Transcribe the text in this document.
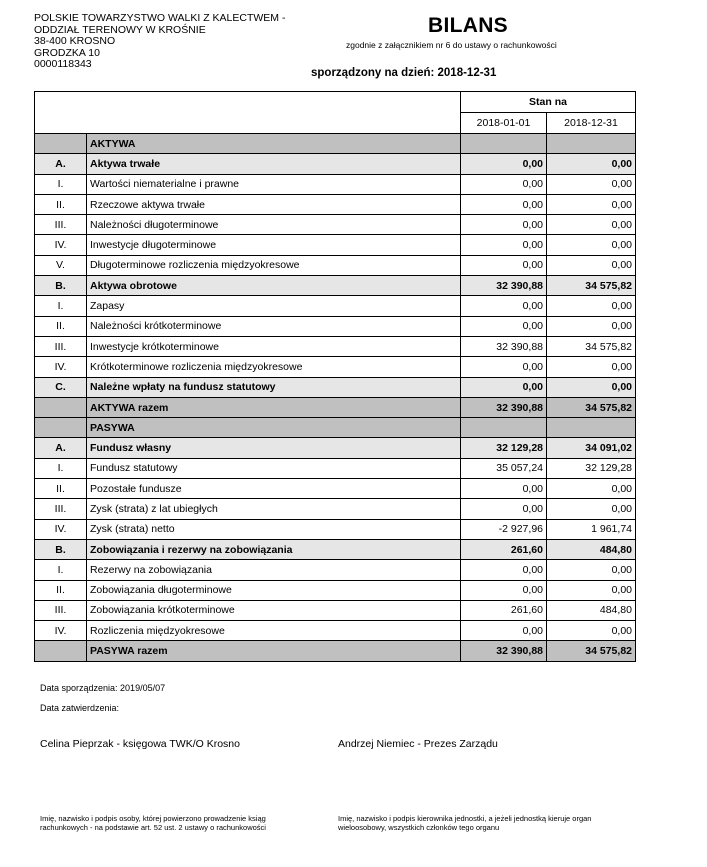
POLSKIE TOWARZYSTWO WALKI Z KALECTWEM -
ODDZIAŁ TERENOWY W KROŚNIE
38-400 KROSNO
GRODZKA 10
0000118343
BILANS
zgodnie z załącznikiem nr 6 do ustawy o rachunkowości
sporządzony na dzień: 2018-12-31
		Stan na	
		2018-01-01	2018-12-31
	AKTYWA		
A.	Aktywa trwałe	0,00	0,00
I.	Wartości niematerialne i prawne	0,00	0,00
II.	Rzeczowe aktywa trwałe	0,00	0,00
III.	Należności długoterminowe	0,00	0,00
IV.	Inwestycje długoterminowe	0,00	0,00
V.	Długoterminowe rozliczenia międzyokresowe	0,00	0,00
B.	Aktywa obrotowe	32 390,88	34 575,82
I.	Zapasy	0,00	0,00
II.	Należności krótkoterminowe	0,00	0,00
III.	Inwestycje krótkoterminowe	32 390,88	34 575,82
IV.	Krótkoterminowe rozliczenia międzyokresowe	0,00	0,00
C.	Należne wpłaty na fundusz statutowy	0,00	0,00
	AKTYWA razem	32 390,88	34 575,82
	PASYWA		
A.	Fundusz własny	32 129,28	34 091,02
I.	Fundusz statutowy	35 057,24	32 129,28
II.	Pozostałe fundusze	0,00	0,00
III.	Zysk (strata) z lat ubiegłych	0,00	0,00
IV.	Zysk (strata) netto	-2 927,96	1 961,74
B.	Zobowiązania i rezerwy na zobowiązania	261,60	484,80
I.	Rezerwy na zobowiązania	0,00	0,00
II.	Zobowiązania długoterminowe	0,00	0,00
III.	Zobowiązania krótkoterminowe	261,60	484,80
IV.	Rozliczenia międzyokresowe	0,00	0,00
	PASYWA razem	32 390,88	34 575,82
Data sporządzenia: 2019/05/07
Data zatwierdzenia:
Celina Pieprzak - księgowa TWK/O Krosno	Andrzej Niemiec - Prezes Zarządu
Imię, nazwisko i podpis osoby, której powierzono prowadzenie ksiąg
rachunkowych - na podstawie art. 52 ust. 2 ustawy o rachunkowości
Imię, nazwisko i podpis kierownika jednostki, a jeżeli jednostką kieruje organ
wieloosobowy, wszystkich członków tego organu
